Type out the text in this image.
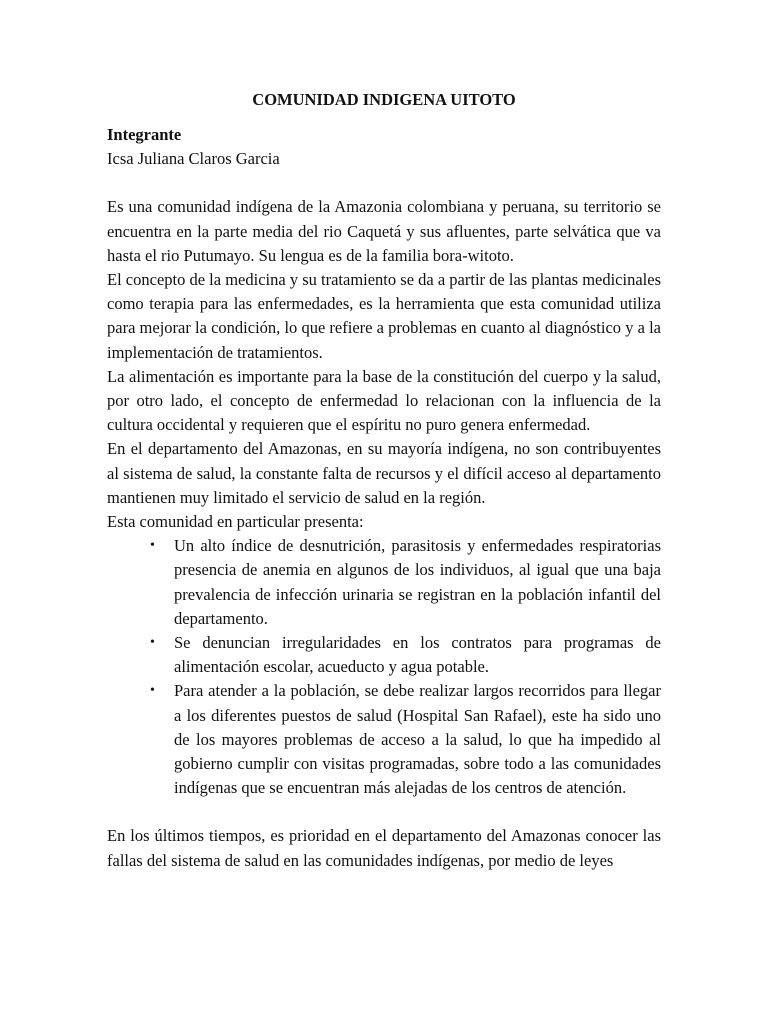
COMUNIDAD INDIGENA UITOTO
Integrante
Icsa Juliana Claros Garcia

Es una comunidad indígena de la Amazonia colombiana y peruana, su territorio se encuentra en la parte media del rio Caquetá y sus afluentes, parte selvática que va hasta el rio Putumayo. Su lengua es de la familia bora-witoto.

El concepto de la medicina y su tratamiento se da a partir de las plantas medicinales como terapia para las enfermedades, es la herramienta que esta comunidad utiliza para mejorar la condición, lo que refiere a problemas en cuanto al diagnóstico y a la implementación de tratamientos.

La alimentación es importante para la base de la constitución del cuerpo y la salud, por otro lado, el concepto de enfermedad lo relacionan con la influencia de la cultura occidental y requieren que el espíritu no puro genera enfermedad.

En el departamento del Amazonas, en su mayoría indígena, no son contribuyentes al sistema de salud, la constante falta de recursos y el difícil acceso al departamento mantienen muy limitado el servicio de salud en la región.

Esta comunidad en particular presenta:

• Un alto índice de desnutrición, parasitosis y enfermedades respiratorias presencia de anemia en algunos de los individuos, al igual que una baja prevalencia de infección urinaria se registran en la población infantil del departamento.
• Se denuncian irregularidades en los contratos para programas de alimentación escolar, acueducto y agua potable.
• Para atender a la población, se debe realizar largos recorridos para llegar a los diferentes puestos de salud (Hospital San Rafael), este ha sido uno de los mayores problemas de acceso a la salud, lo que ha impedido al gobierno cumplir con visitas programadas, sobre todo a las comunidades indígenas que se encuentran más alejadas de los centros de atención.

En los últimos tiempos, es prioridad en el departamento del Amazonas conocer las fallas del sistema de salud en las comunidades indígenas, por medio de leyes
